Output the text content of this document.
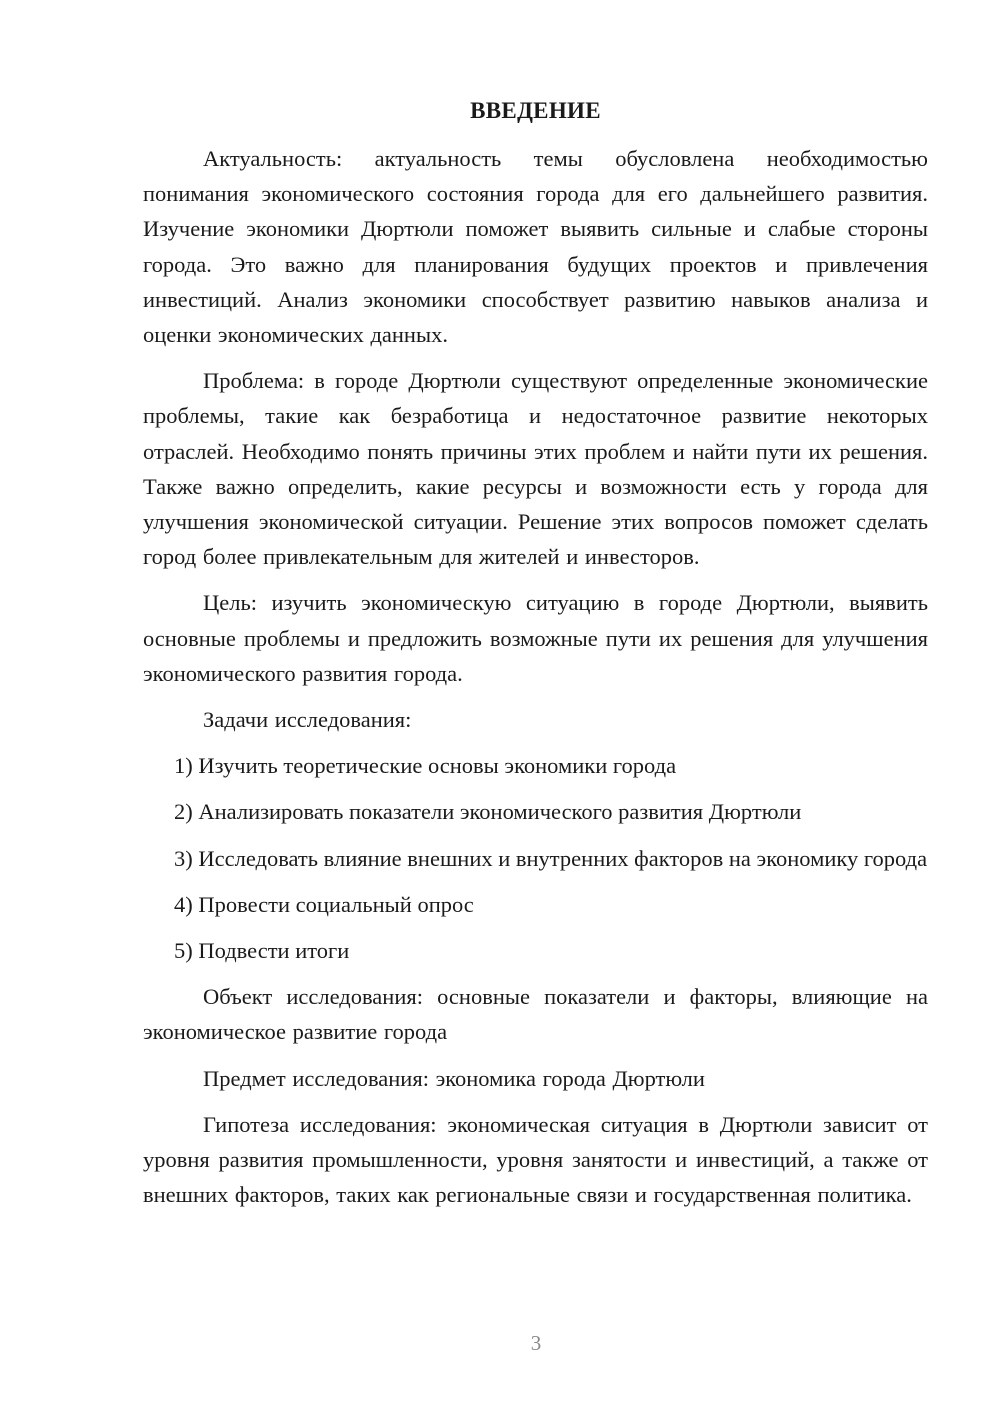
ВВЕДЕНИЕ

Актуальность: актуальность темы обусловлена необходимостью понимания экономического состояния города для его дальнейшего развития. Изучение экономики Дюртюли поможет выявить сильные и слабые стороны города. Это важно для планирования будущих проектов и привлечения инвестиций. Анализ экономики способствует развитию навыков анализа и оценки экономических данных.

Проблема: в городе Дюртюли существуют определенные экономические проблемы, такие как безработица и недостаточное развитие некоторых отраслей. Необходимо понять причины этих проблем и найти пути их решения. Также важно определить, какие ресурсы и возможности есть у города для улучшения экономической ситуации. Решение этих вопросов поможет сделать город более привлекательным для жителей и инвесторов.

Цель: изучить экономическую ситуацию в городе Дюртюли, выявить основные проблемы и предложить возможные пути их решения для улучшения экономического развития города.

Задачи исследования:

1) Изучить теоретические основы экономики города

2) Анализировать показатели экономического развития Дюртюли

3) Исследовать влияние внешних и внутренних факторов на экономику города

4) Провести социальный опрос

5) Подвести итоги

Объект исследования: основные показатели и факторы, влияющие на экономическое развитие города

Предмет исследования: экономика города Дюртюли

Гипотеза исследования: экономическая ситуация в Дюртюли зависит от уровня развития промышленности, уровня занятости и инвестиций, а также от внешних факторов, таких как региональные связи и государственная политика.

3
